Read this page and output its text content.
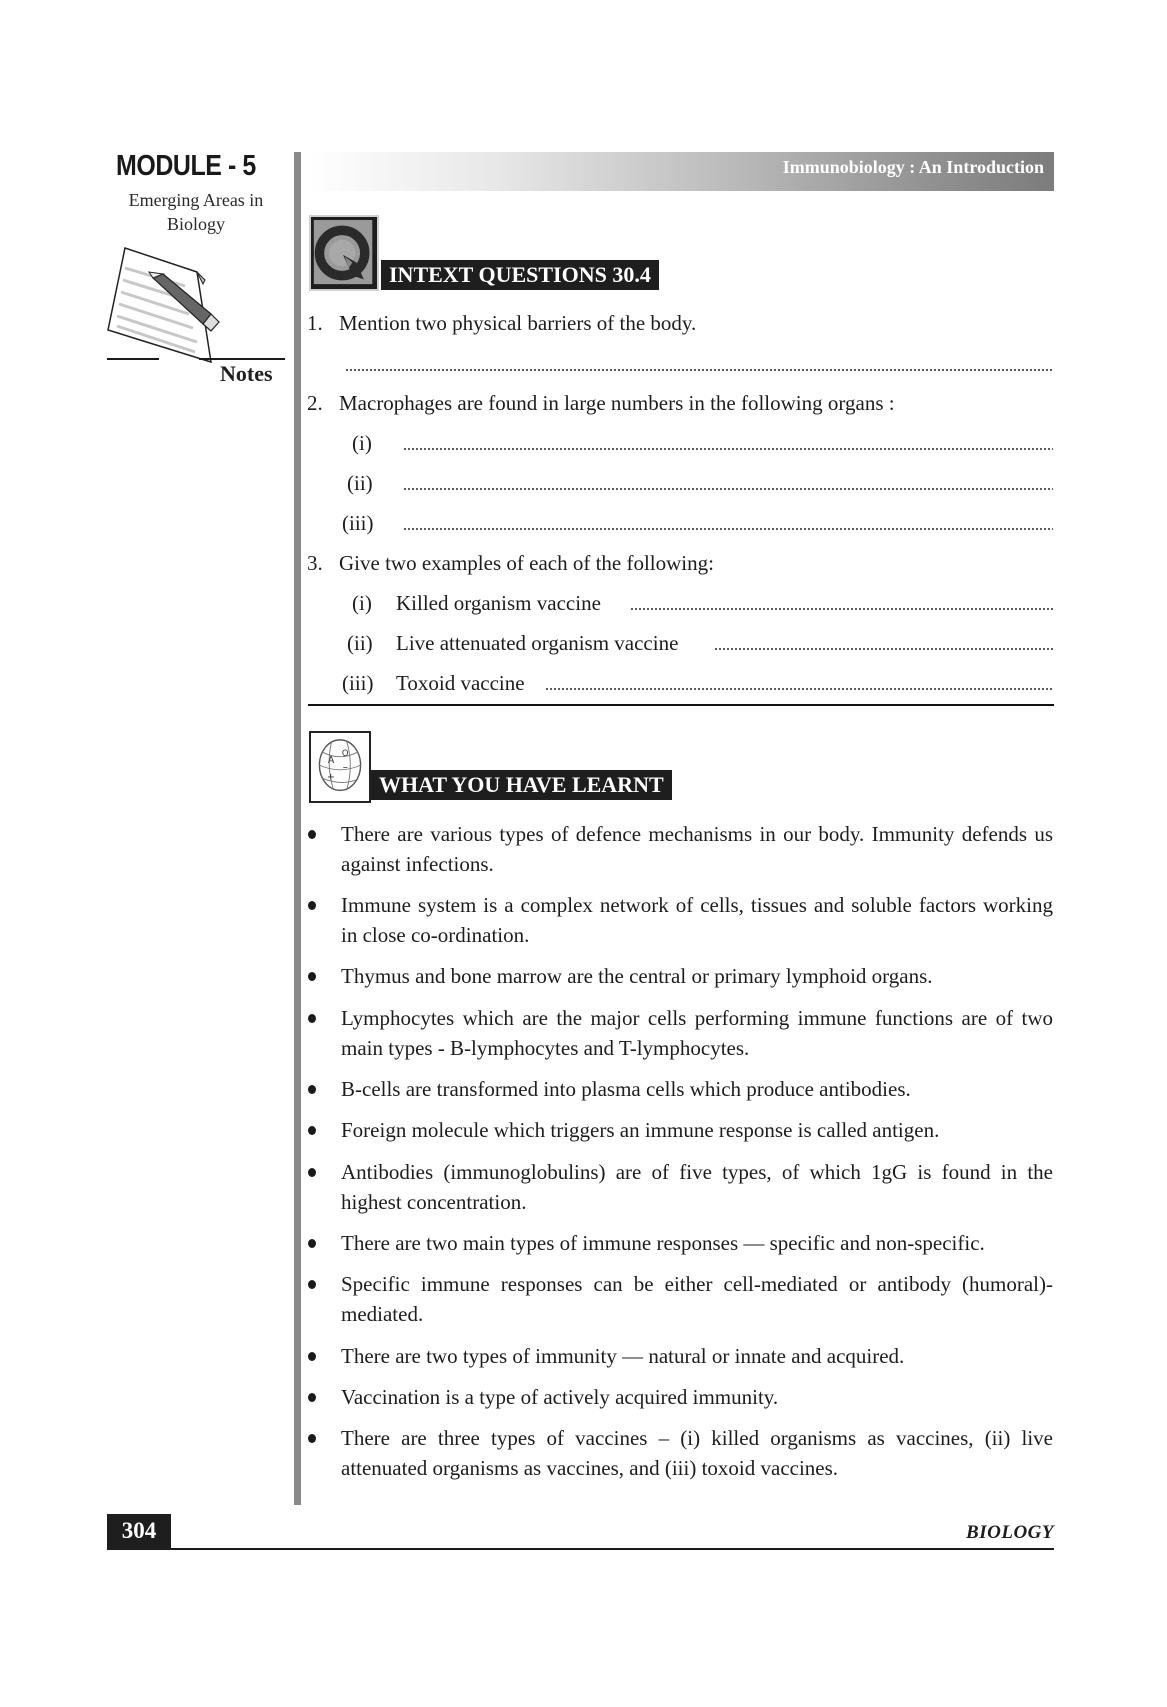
MODULE - 5
Emerging Areas in Biology
Notes
Immunobiology : An Introduction
INTEXT QUESTIONS 30.4
1. Mention two physical barriers of the body.
2. Macrophages are found in large numbers in the following organs :
(i)
(ii)
(iii)
3. Give two examples of each of the following:
(i) Killed organism vaccine
(ii) Live attenuated organism vaccine
(iii) Toxoid vaccine
A
O
–
+	WHAT YOU HAVE LEARNT
There are various types of defence mechanisms in our body. Immunity defends us against infections.
Immune system is a complex network of cells, tissues and soluble factors working in close co-ordination.
Thymus and bone marrow are the central or primary lymphoid organs.
Lymphocytes which are the major cells performing immune functions are of two main types - B-lymphocytes and T-lymphocytes.
B-cells are transformed into plasma cells which produce antibodies.
Foreign molecule which triggers an immune response is called antigen.
Antibodies (immunoglobulins) are of five types, of which 1gG is found in the highest concentration.
There are two main types of immune responses — specific and non-specific.
Specific immune responses can be either cell-mediated or antibody (humoral)-mediated.
There are two types of immunity — natural or innate and acquired.
Vaccination is a type of actively acquired immunity.
There are three types of vaccines – (i) killed organisms as vaccines, (ii) live attenuated organisms as vaccines, and (iii) toxoid vaccines.
304	BIOLOGY
